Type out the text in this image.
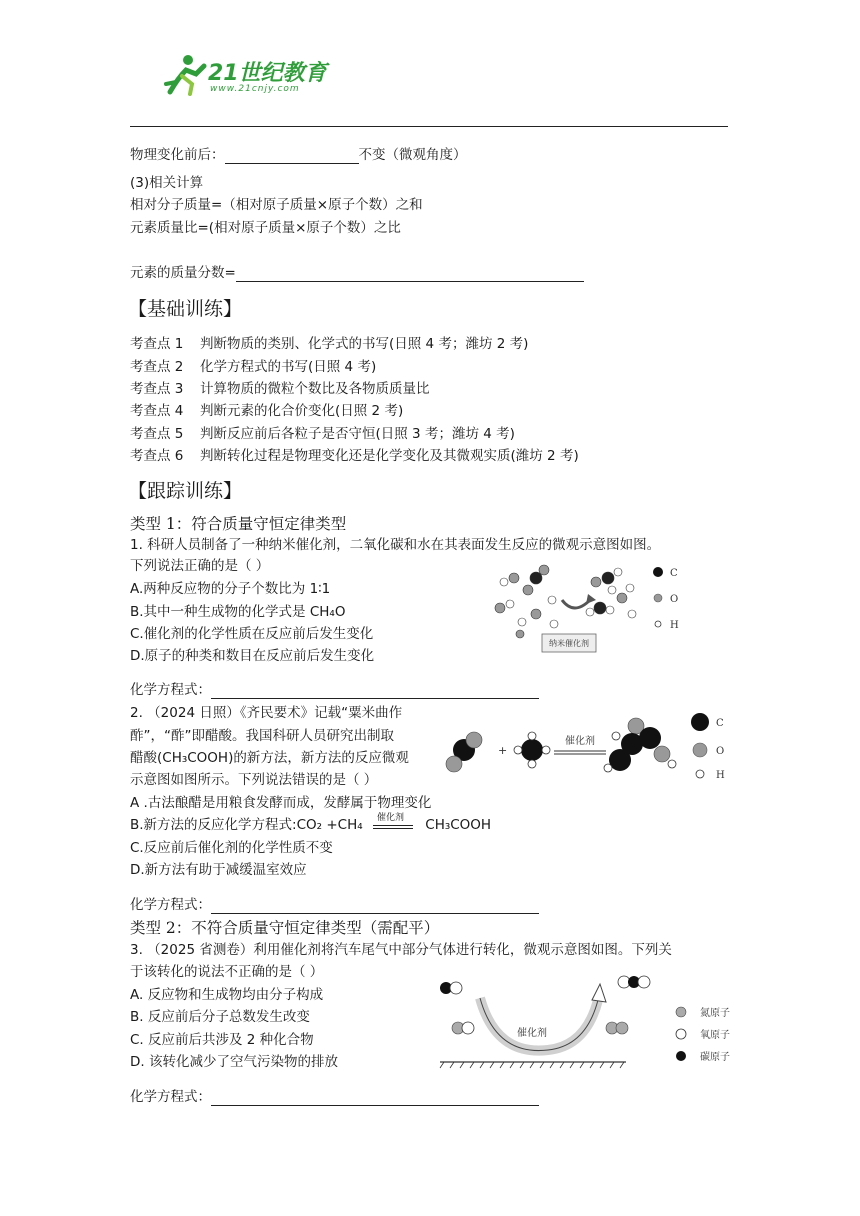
21世纪教育
www.21cnjy.com
物理变化前后：	不变（微观角度）
(3)相关计算
相对分子质量=（相对原子质量×原子个数）之和
元素质量比=(相对原子质量×原子个数）之比
元素的质量分数=
【基础训练】
考查点 1 判断物质的类别、化学式的书写(日照 4 考；潍坊 2 考)
考查点 2 化学方程式的书写(日照 4 考)
考查点 3 计算物质的微粒个数比及各物质质量比
考查点 4 判断元素的化合价变化(日照 2 考)
考查点 5 判断反应前后各粒子是否守恒(日照 3 考；潍坊 4 考)
考查点 6 判断转化过程是物理变化还是化学变化及其微观实质(潍坊 2 考)
【跟踪训练】
类型 1：符合质量守恒定律类型
1. 科研人员制备了一种纳米催化剂，二氧化碳和水在其表面发生反应的微观示意图如图。
下列说法正确的是（ ）
A.两种反应物的分子个数比为 1∶1
B.其中一种生成物的化学式是 CH₄O
C.催化剂的化学性质在反应前后发生变化
D.原子的种类和数目在反应前后发生变化
纳米催化剂
C
O
H
化学方程式：
2. （2024 日照）《齐民要术》记载“粟米曲作
酢”，“酢”即醋酸。我国科研人员研究出制取
醋酸(CH₃COOH)的新方法，新方法的反应微观
示意图如图所示。下列说法错误的是（ ）
A .古法酿醋是用粮食发酵而成，发酵属于物理变化
B.新方法的反应化学方程式:CO₂ +CH₄ 催化剂 CH₃COOH
C.反应前后催化剂的化学性质不变
D.新方法有助于减缓温室效应
+
催化剂
C
O
H
化学方程式：
类型 2：不符合质量守恒定律类型（需配平）
3. （2025 省测卷）利用催化剂将汽车尾气中部分气体进行转化，微观示意图如图。下列关
于该转化的说法不正确的是（ ）
A. 反应物和生成物均由分子构成
B. 反应前后分子总数发生改变
C. 反应前后共涉及 2 种化合物
D. 该转化减少了空气污染物的排放
催化剂
氮原子
氧原子
碳原子
化学方程式：
